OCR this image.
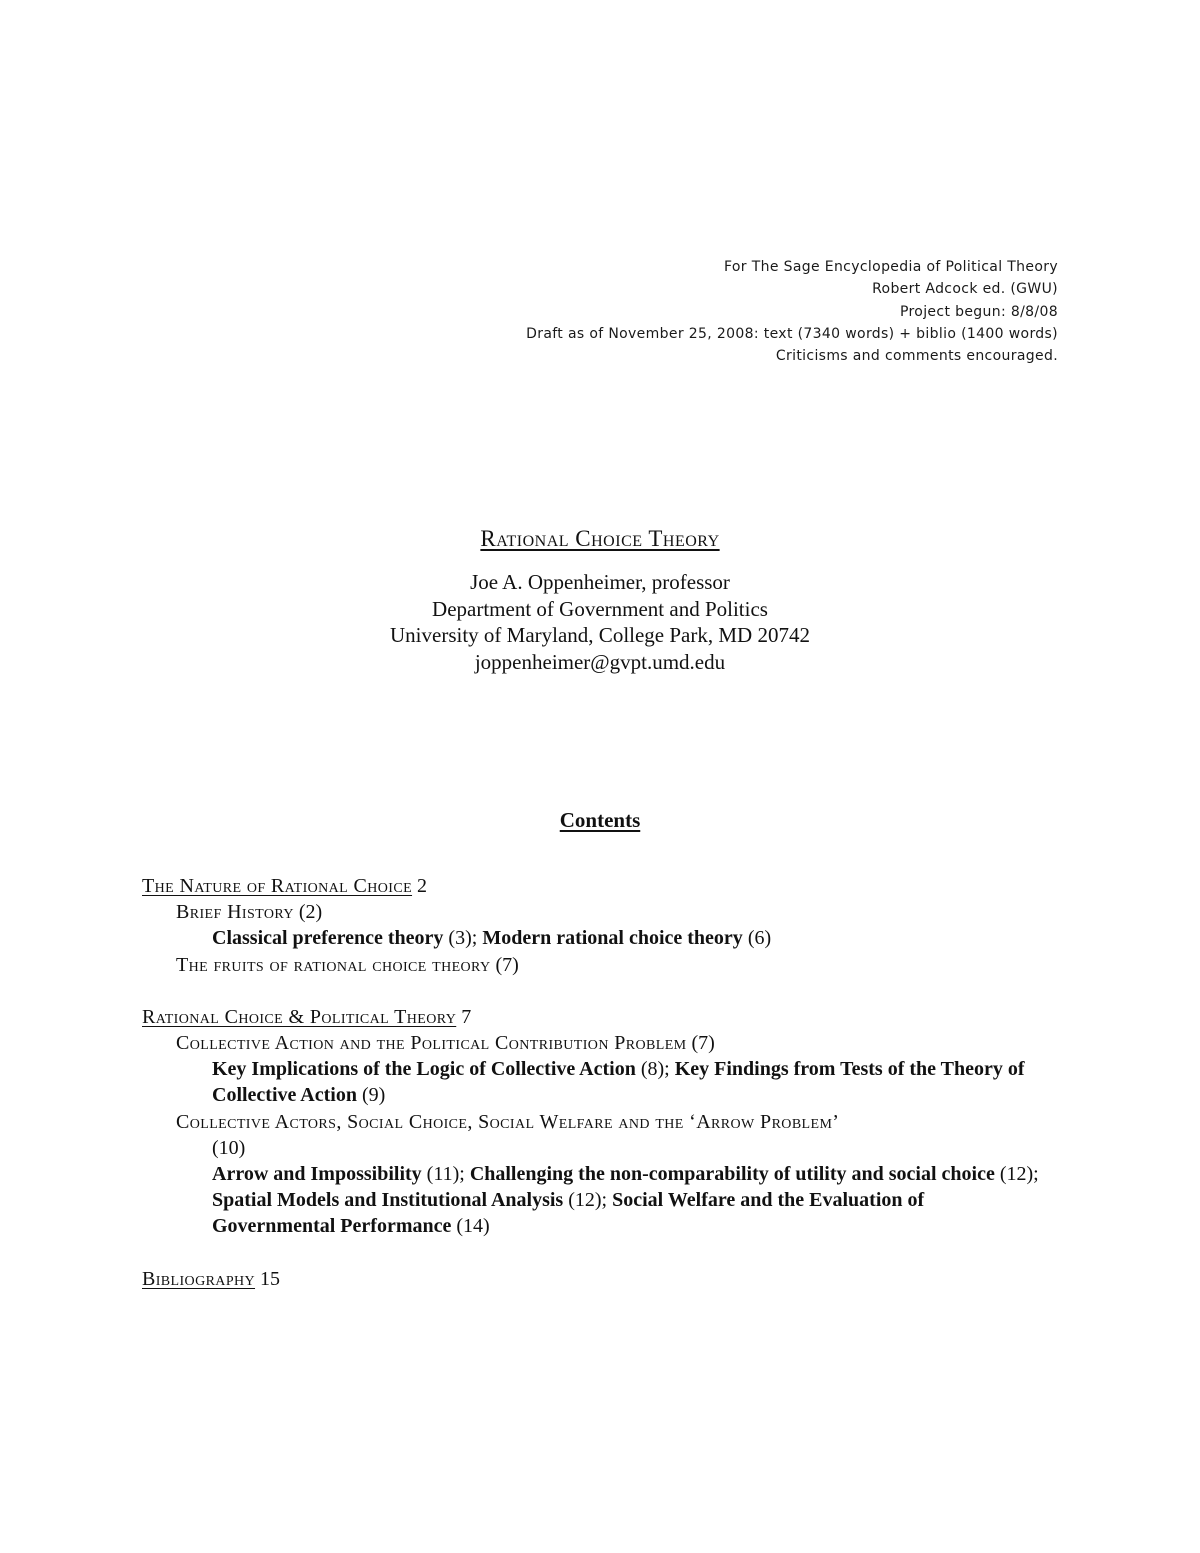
For The Sage Encyclopedia of Political Theory
Robert Adcock ed. (GWU)
Project begun: 8/8/08
Draft as of November 25, 2008: text (7340 words) + biblio (1400 words)
Criticisms and comments encouraged.
Rational Choice Theory
Joe A. Oppenheimer, professor
Department of Government and Politics
University of Maryland, College Park, MD 20742
joppenheimer@gvpt.umd.edu
Contents
The Nature of Rational Choice 2
Brief History (2)
Classical preference theory (3); Modern rational choice theory (6)
The fruits of rational choice theory (7)
Rational Choice & Political Theory 7
Collective Action and the Political Contribution Problem (7)
Key Implications of the Logic of Collective Action (8); Key Findings from Tests of the Theory of Collective Action (9)
Collective Actors, Social Choice, Social Welfare and the ‘Arrow Problem’
(10)
Arrow and Impossibility (11); Challenging the non-comparability of utility and social choice (12); Spatial Models and Institutional Analysis (12); Social Welfare and the Evaluation of Governmental Performance (14)
Bibliography 15
